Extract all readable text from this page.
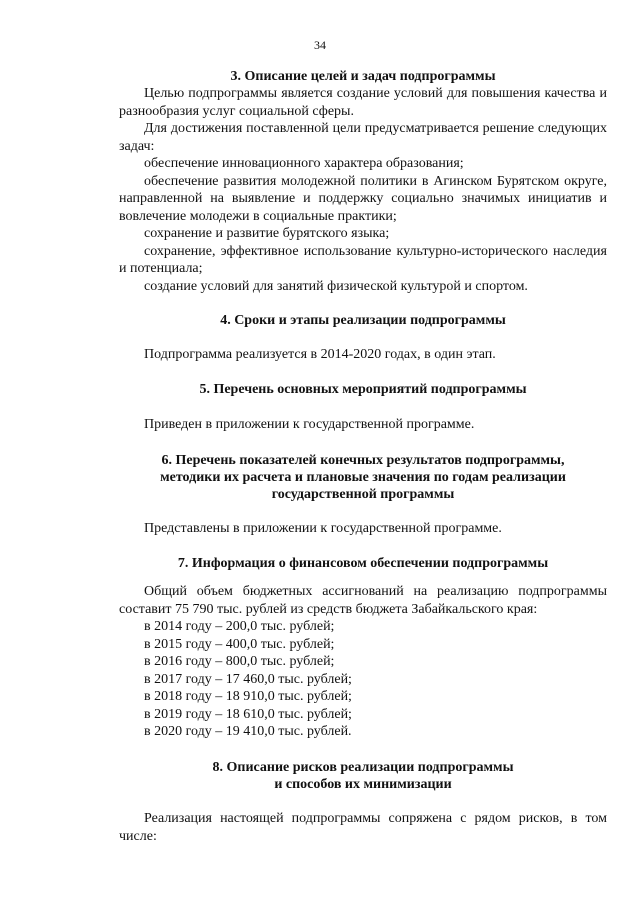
34

3. Описание целей и задач подпрограммы

Целью подпрограммы является создание условий для повышения качества и разнообразия услуг социальной сферы.

Для достижения поставленной цели предусматривается решение следующих задач:

обеспечение инновационного характера образования;

обеспечение развития молодежной политики в Агинском Бурятском округе, направленной на выявление и поддержку социально значимых инициатив и вовлечение молодежи в социальные практики;

сохранение и развитие бурятского языка;

сохранение, эффективное использование культурно-исторического наследия и потенциала;

создание условий для занятий физической культурой и спортом.

4. Сроки и этапы реализации подпрограммы

Подпрограмма реализуется в 2014-2020 годах, в один этап.

5. Перечень основных мероприятий подпрограммы

Приведен в приложении к государственной программе.

6. Перечень показателей конечных результатов подпрограммы,

методики их расчета и плановые значения по годам реализации

государственной программы

Представлены в приложении к государственной программе.

7. Информация о финансовом обеспечении подпрограммы

Общий объем бюджетных ассигнований на реализацию подпрограммы

составит 75 790 тыс. рублей из средств бюджета Забайкальского края:

в 2014 году – 200,0 тыс. рублей;

в 2015 году – 400,0 тыс. рублей;

в 2016 году – 800,0 тыс. рублей;

в 2017 году – 17 460,0 тыс. рублей;

в 2018 году – 18 910,0 тыс. рублей;

в 2019 году – 18 610,0 тыс. рублей;

в 2020 году – 19 410,0 тыс. рублей.

8. Описание рисков реализации подпрограммы

и способов их минимизации

Реализация настоящей подпрограммы сопряжена с рядом рисков, в том числе:
